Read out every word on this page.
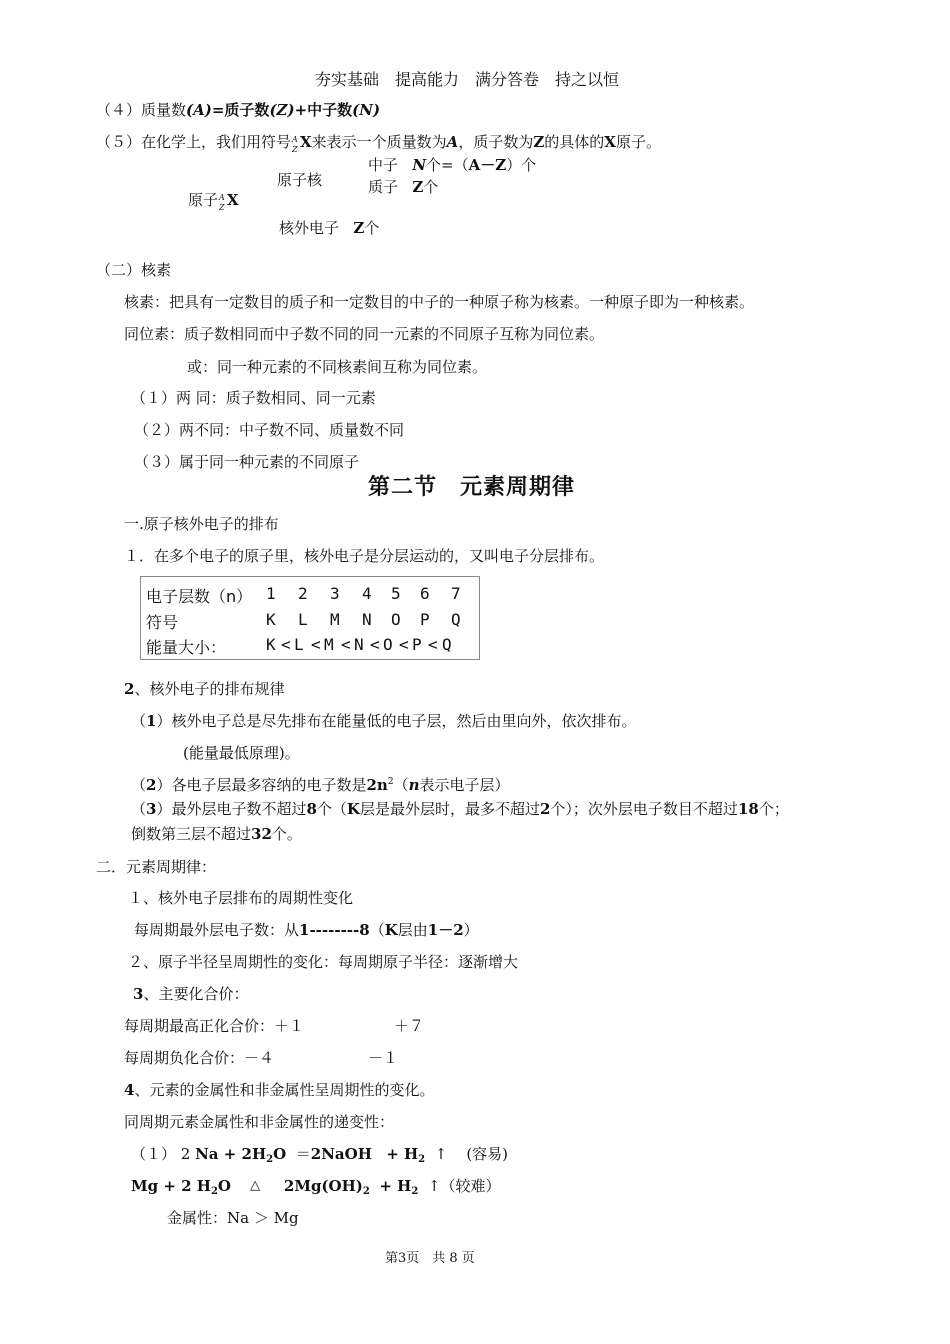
夯实基础　提高能力　满分答卷　持之以恒
（４）质量数(A)=质子数(Z)+中子数(N)
（５）在化学上，我们用符号 A
Z X来表示一个质量数为A，质子数为Z的具体的X原子。
原子核
中子 N个=（A－Z）个
质子 Z个
原子 A
Z X
核外电子 Z个
（二）核素
核素：把具有一定数目的质子和一定数目的中子的一种原子称为核素。一种原子即为一种核素。
同位素：质子数相同而中子数不同的同一元素的不同原子互称为同位素。
或：同一种元素的不同核素间互称为同位素。
（１）两 同：质子数相同、同一元素
（２）两不同：中子数不同、质量数不同
（３）属于同一种元素的不同原子
第二节　元素周期律
一.原子核外电子的排布
１．在多个电子的原子里，核外电子是分层运动的，又叫电子分层排布。
电子层数（n） 1	2	3	4	5	6	7
符号	K	L	M	N	O	P	Q
能量大小： K < L < M < N < O < P < Q
2、核外电子的排布规律
（1）核外电子总是尽先排布在能量低的电子层，然后由里向外，依次排布。
(能量最低原理)。
（2）各电子层最多容纳的电子数是$2n^2(n$表示电子层）
（3）最外层电子数不超过8个（K层是最外层时，最多不超过2个）；次外层电子数目不超过18个；
倒数第三层不超过32个。
二．元素周期律：
１、核外电子层排布的周期性变化
每周期最外层电子数：从1--------8（K层由1－2）
２、原子半径呈周期性的变化：每周期原子半径：逐渐增大
3、主要化合价：
每周期最高正化合价：＋１	＋７
每周期负化合价：－４	－１
4、元素的金属性和非金属性呈周期性的变化。
同周期元素金属性和非金属性的递变性：
（１） 2 $Na + 2H_2O$ ＝2NaOH + $H_2$ ↑ (容易)
Mg + 2 $H_2O$ △ $2Mg(OH)_2 + H_2$ ↑（较难）
金属性：Na ＞ Mg
第3页　共 8 页
